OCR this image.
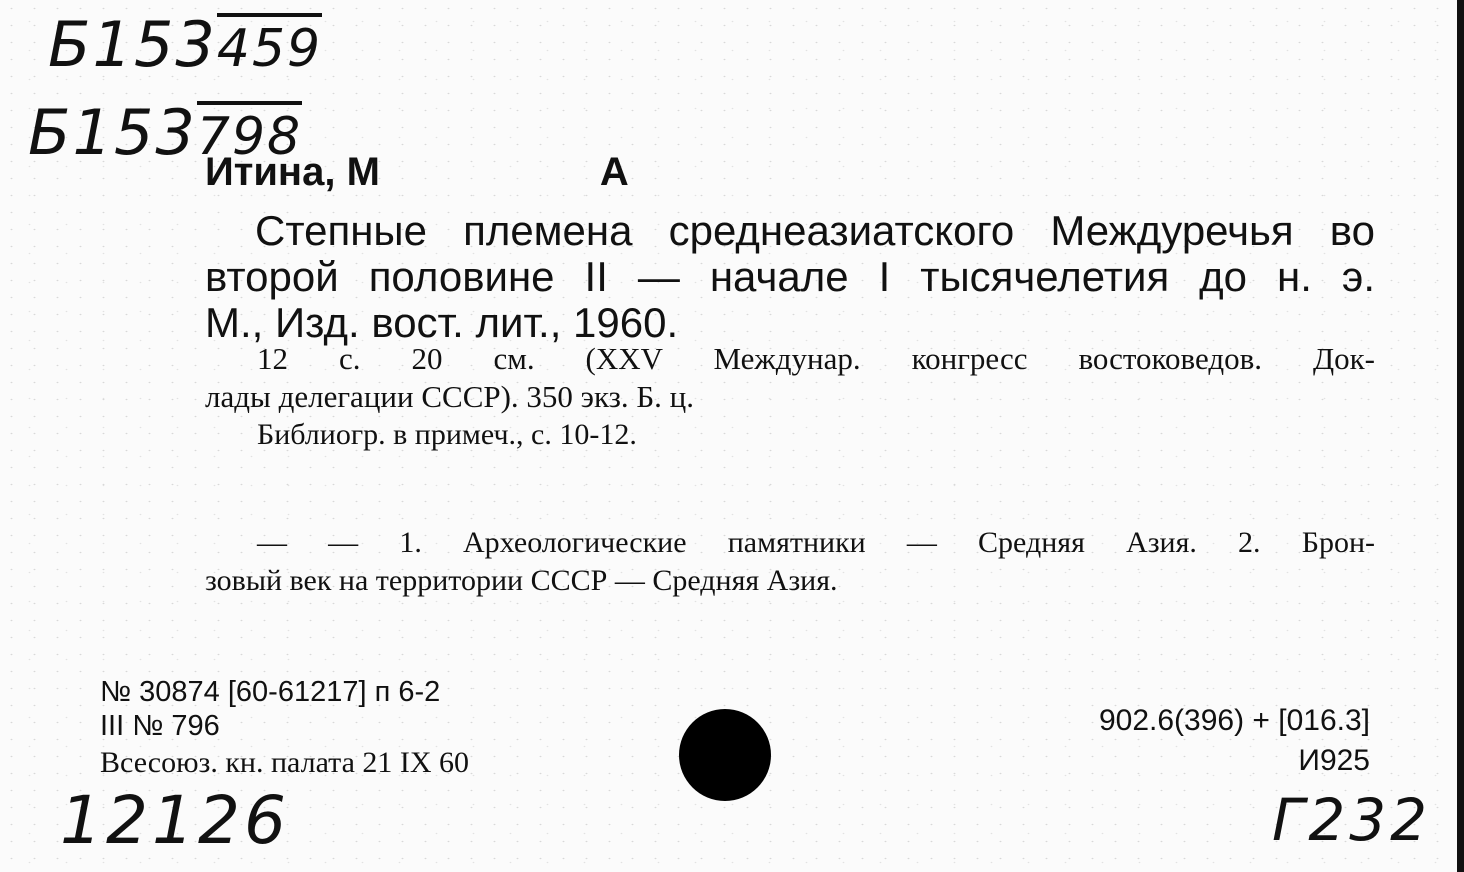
Б153459
Б153798
Итина, М	А
Степные племена среднеазиатского Междуречья во
второй половине II — начале I тысячелетия до н. э.
М., Изд. вост. лит., 1960.
12 с. 20 см. (XXV Междунар. конгресс востоковедов. Док-
лады делегации СССР). 350 экз. Б. ц.
Библиогр. в примеч., с. 10-12.
— — 1. Археологические памятники — Средняя Азия. 2. Брон-
зовый век на территории СССР — Средняя Азия.
№ 30874 [60-61217] п 6-2
III № 796
Всесоюз. кн. палата 21 IX 60
902.6(396) + [016.3]
И925
12126	Г232
